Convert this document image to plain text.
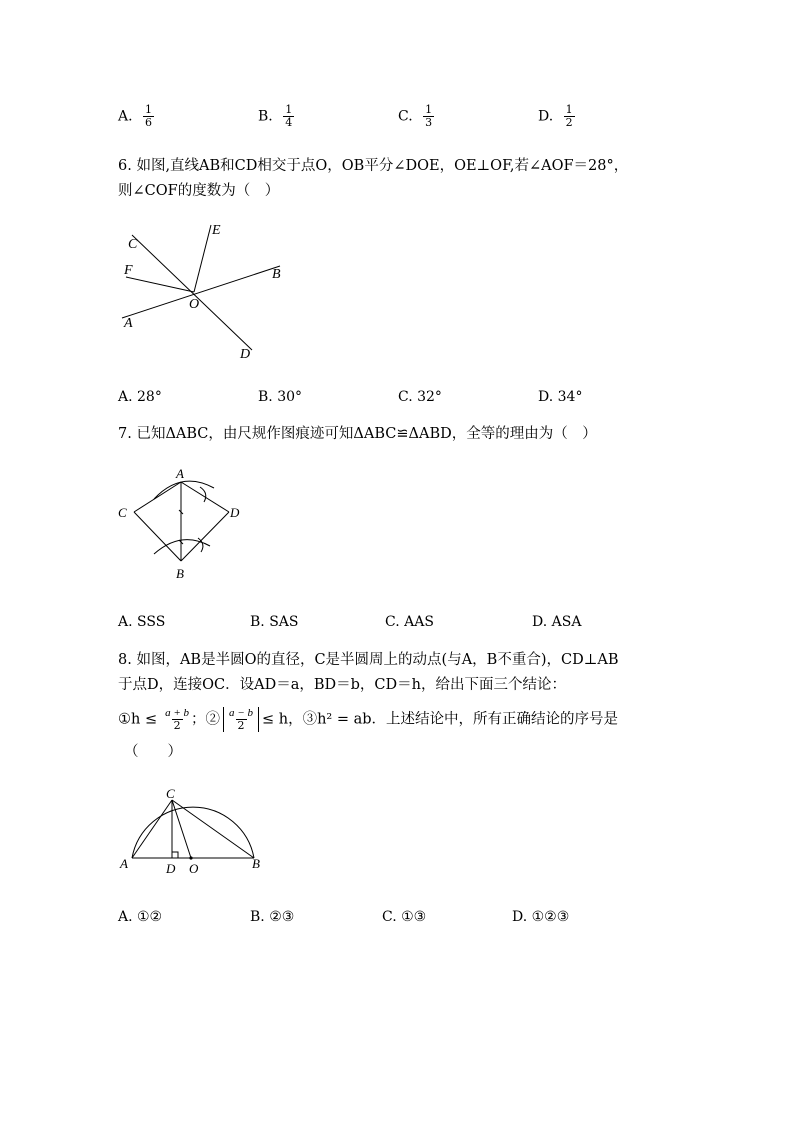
A. $\frac{1}{6}$	B. $\frac{1}{4}$	C. $\frac{1}{3}$	D. $\frac{1}{2}$
6. 如图,直线AB和CD相交于点O，OB平分∠DOE，OE⊥OF,若∠AOF＝28°，
则∠COF的度数为（　）
C
E
F	B
O
A
D
A. 28°	B. 30°	C. 32°	D. 34°
7. 已知ΔABC，由尺规作图痕迹可知ΔABC≌ΔABD，全等的理由为（　）
A
C	D
B
A. SSS	B. SAS	C. AAS	D. ASA
8. 如图，AB是半圆O的直径，C是半圆周上的动点(与A，B不重合)，CD⊥AB
于点D，连接OC．设AD＝a，BD＝b，CD＝h，给出下面三个结论：
①h ≤ $\frac{a + b}{2}$ ；② $\frac{a - b}{2} \le h$，③h² = ab．上述结论中，所有正确结论的序号是
（　　）
C
A	D O	B
A. ①②	B. ②③	C. ①③	D. ①②③
